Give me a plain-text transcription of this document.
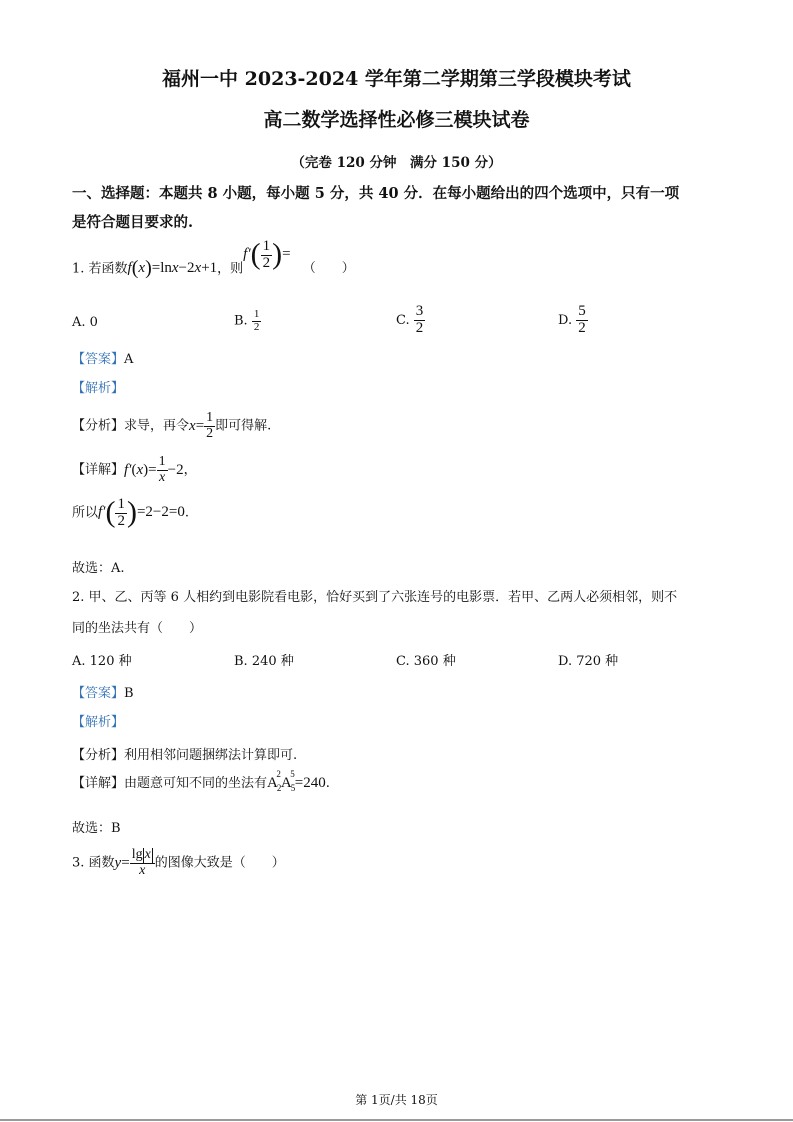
福州一中 2023-2024 学年第二学期第三学段模块考试
高二数学选择性必修三模块试卷
（完卷 120 分钟　满分 150 分）
一、选择题：本题共 8 小题，每小题 5 分，共 40 分．在每小题给出的四个选项中，只有一项
是符合题目要求的.
1. 若函数f(x)=lnx−2x+1，则$f'( \frac{1}{2}$ )= （　　）
A. 0	B. $\frac{1}{2}$	C. $\frac{3}{2}$	D. $\frac{5}{2}$
【答案】A
【解析】
【分析】求导，再令$x= \frac{1}{2}$ 即可得解.
【详解】$f'(x)= \frac{1}{x} -2$，
所以$f'( \frac{1}{2} )=2-2=0$.
故选：A.
2. 甲、乙、丙等 6 人相约到电影院看电影，恰好买到了六张连号的电影票．若甲、乙两人必须相邻，则不
同的坐法共有（　　）
A. 120 种	B. 240 种	C. 360 种	D. 720 种
【答案】B
【解析】
【分析】利用相邻问题捆绑法计算即可.
【详解】由题意可知不同的坐法有$A_2^2A_5^5=240$.
故选：B
3. 函数$y= \frac{\text{lg x}}{x}$ 的图像大致是（　　）
第 1页/共 18页
